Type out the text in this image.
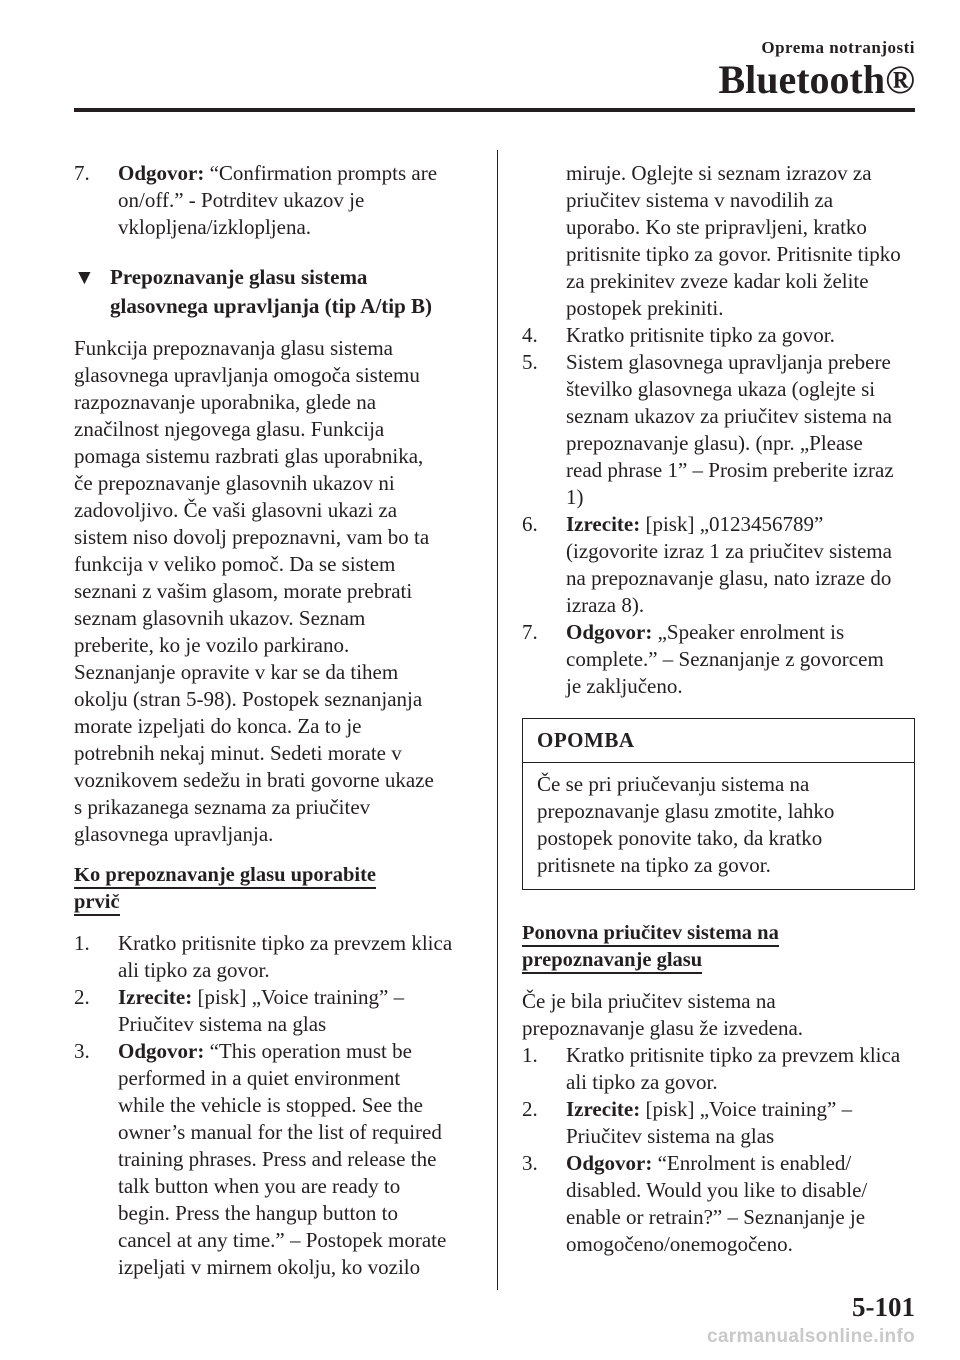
Oprema notranjosti
Bluetooth®
7. Odgovor: “Confirmation prompts are
on/off.” - Potrditev ukazov je
vklopljena/izklopljena.
▼ Prepoznavanje glasu sistema
glasovnega upravljanja (tip A/tip B)
Funkcija prepoznavanja glasu sistema
glasovnega upravljanja omogoča sistemu
razpoznavanje uporabnika, glede na
značilnost njegovega glasu. Funkcija
pomaga sistemu razbrati glas uporabnika,
če prepoznavanje glasovnih ukazov ni
zadovoljivo. Če vaši glasovni ukazi za
sistem niso dovolj prepoznavni, vam bo ta
funkcija v veliko pomoč. Da se sistem
seznani z vašim glasom, morate prebrati
seznam glasovnih ukazov. Seznam
preberite, ko je vozilo parkirano.
Seznanjanje opravite v kar se da tihem
okolju (stran 5-98). Postopek seznanjanja
morate izpeljati do konca. Za to je
potrebnih nekaj minut. Sedeti morate v
voznikovem sedežu in brati govorne ukaze
s prikazanega seznama za priučitev
glasovnega upravljanja.
Ko prepoznavanje glasu uporabite
prvič
1. Kratko pritisnite tipko za prevzem klica
ali tipko za govor.
2. Izrecite: [pisk] „Voice training” –
Priučitev sistema na glas
3. Odgovor: “This operation must be
performed in a quiet environment
while the vehicle is stopped. See the
owner’s manual for the list of required
training phrases. Press and release the
talk button when you are ready to
begin. Press the hangup button to
cancel at any time.” – Postopek morate
izpeljati v mirnem okolju, ko vozilo
miruje. Oglejte si seznam izrazov za
priučitev sistema v navodilih za
uporabo. Ko ste pripravljeni, kratko
pritisnite tipko za govor. Pritisnite tipko
za prekinitev zveze kadar koli želite
postopek prekiniti.
4. Kratko pritisnite tipko za govor.
5. Sistem glasovnega upravljanja prebere
številko glasovnega ukaza (oglejte si
seznam ukazov za priučitev sistema na
prepoznavanje glasu). (npr. „Please
read phrase 1” – Prosim preberite izraz
1)
6. Izrecite: [pisk] „0123456789”
(izgovorite izraz 1 za priučitev sistema
na prepoznavanje glasu, nato izraze do
izraza 8).
7. Odgovor: „Speaker enrolment is
complete.” – Seznanjanje z govorcem
je zaključeno.
OPOMBA
Če se pri priučevanju sistema na
prepoznavanje glasu zmotite, lahko
postopek ponovite tako, da kratko
pritisnete na tipko za govor.
Ponovna priučitev sistema na
prepoznavanje glasu
Če je bila priučitev sistema na
prepoznavanje glasu že izvedena.
1. Kratko pritisnite tipko za prevzem klica
ali tipko za govor.
2. Izrecite: [pisk] „Voice training” –
Priučitev sistema na glas
3. Odgovor: “Enrolment is enabled/
disabled. Would you like to disable/
enable or retrain?” – Seznanjanje je
omogočeno/onemogočeno.
5-101
carmanualsonline.info
